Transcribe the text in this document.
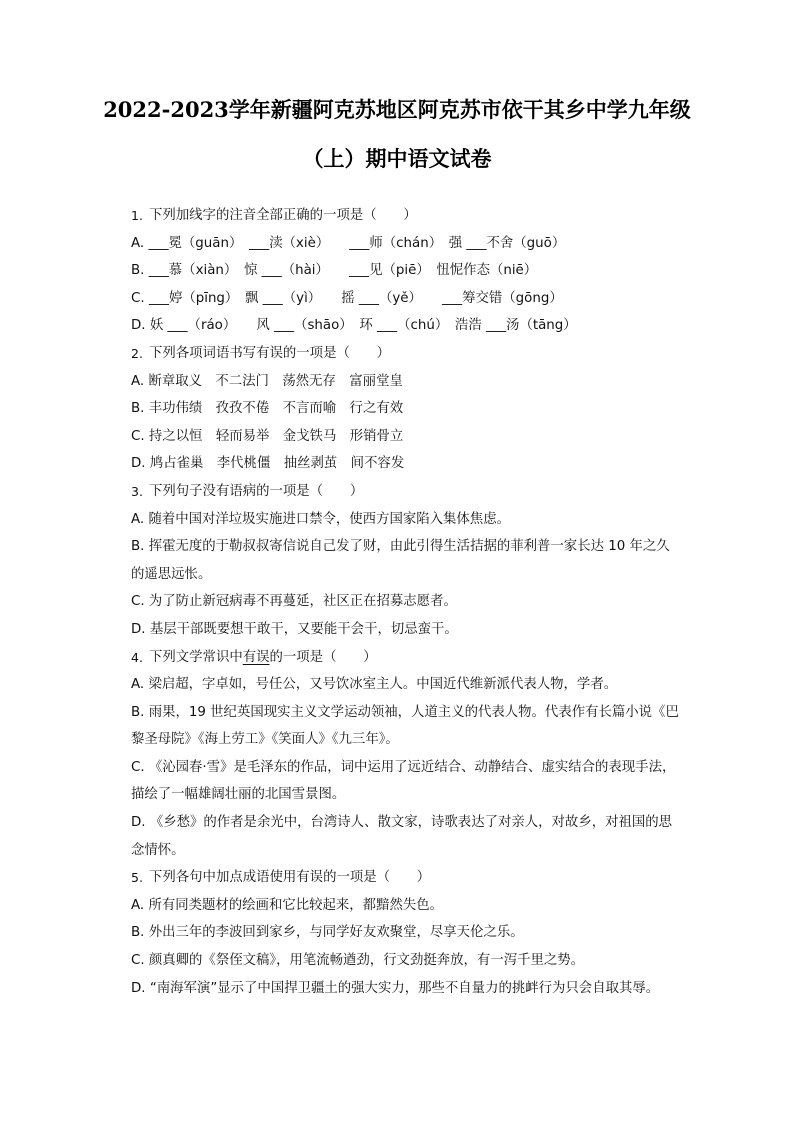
2022-2023学年新疆阿克苏地区阿克苏市依干其乡中学九年级
（上）期中语文试卷
1. 下列加线字的注音全部正确的一项是（　　）
A. ___冕（guān）　___渎（xiè）　　___师（chán）　强 ___不舍（guō）
B. ___慕（xiàn）　惊 ___（hài）　　___见（piē）　忸怩作态（niē）
C. ___婷（pīng）　飘 ___（yì）　　摇 ___（yě）　　___筹交错（gōng）
D. 妖 ___（ráo）　　风 ___（shāo）　环 ___（chú）　浩浩 ___汤（tāng）
2. 下列各项词语书写有误的一项是（　　）
A. 断章取义　不二法门　荡然无存　富丽堂皇
B. 丰功伟绩　孜孜不倦　不言而喻　行之有效
C. 持之以恒　轻而易举　金戈铁马　形销骨立
D. 鸠占雀巢　李代桃僵　抽丝剥茧　间不容发
3. 下列句子没有语病的一项是（　　）
A. 随着中国对洋垃圾实施进口禁令，使西方国家陷入集体焦虑。
B. 挥霍无度的于勒叔叔寄信说自己发了财，由此引得生活拮据的菲利普一家长达 10 年之久
的遥思远怅。
C. 为了防止新冠病毒不再蔓延，社区正在招募志愿者。
D. 基层干部既要想干敢干，又要能干会干，切忌蛮干。
4. 下列文学常识中有误的一项是（　　）
A. 梁启超，字卓如，号任公，又号饮冰室主人。中国近代维新派代表人物，学者。
B. 雨果，19 世纪英国现实主义文学运动领袖，人道主义的代表人物。代表作有长篇小说《巴
黎圣母院》《海上劳工》《笑面人》《九三年》。
C. 《沁园春·雪》是毛泽东的作品，词中运用了远近结合、动静结合、虚实结合的表现手法，
描绘了一幅雄阔壮丽的北国雪景图。
D. 《乡愁》的作者是余光中，台湾诗人、散文家，诗歌表达了对亲人，对故乡，对祖国的思
念情怀。
5. 下列各句中加点成语使用有误的一项是（　　）
A. 所有同类题材的绘画和它比较起来，都黯然失色。
B. 外出三年的李波回到家乡，与同学好友欢聚堂，尽享天伦之乐。
C. 颜真卿的《祭侄文稿》，用笔流畅遒劲，行文劲挺奔放，有一泻千里之势。
D. “南海军演”显示了中国捍卫疆土的强大实力，那些不自量力的挑衅行为只会自取其辱。
